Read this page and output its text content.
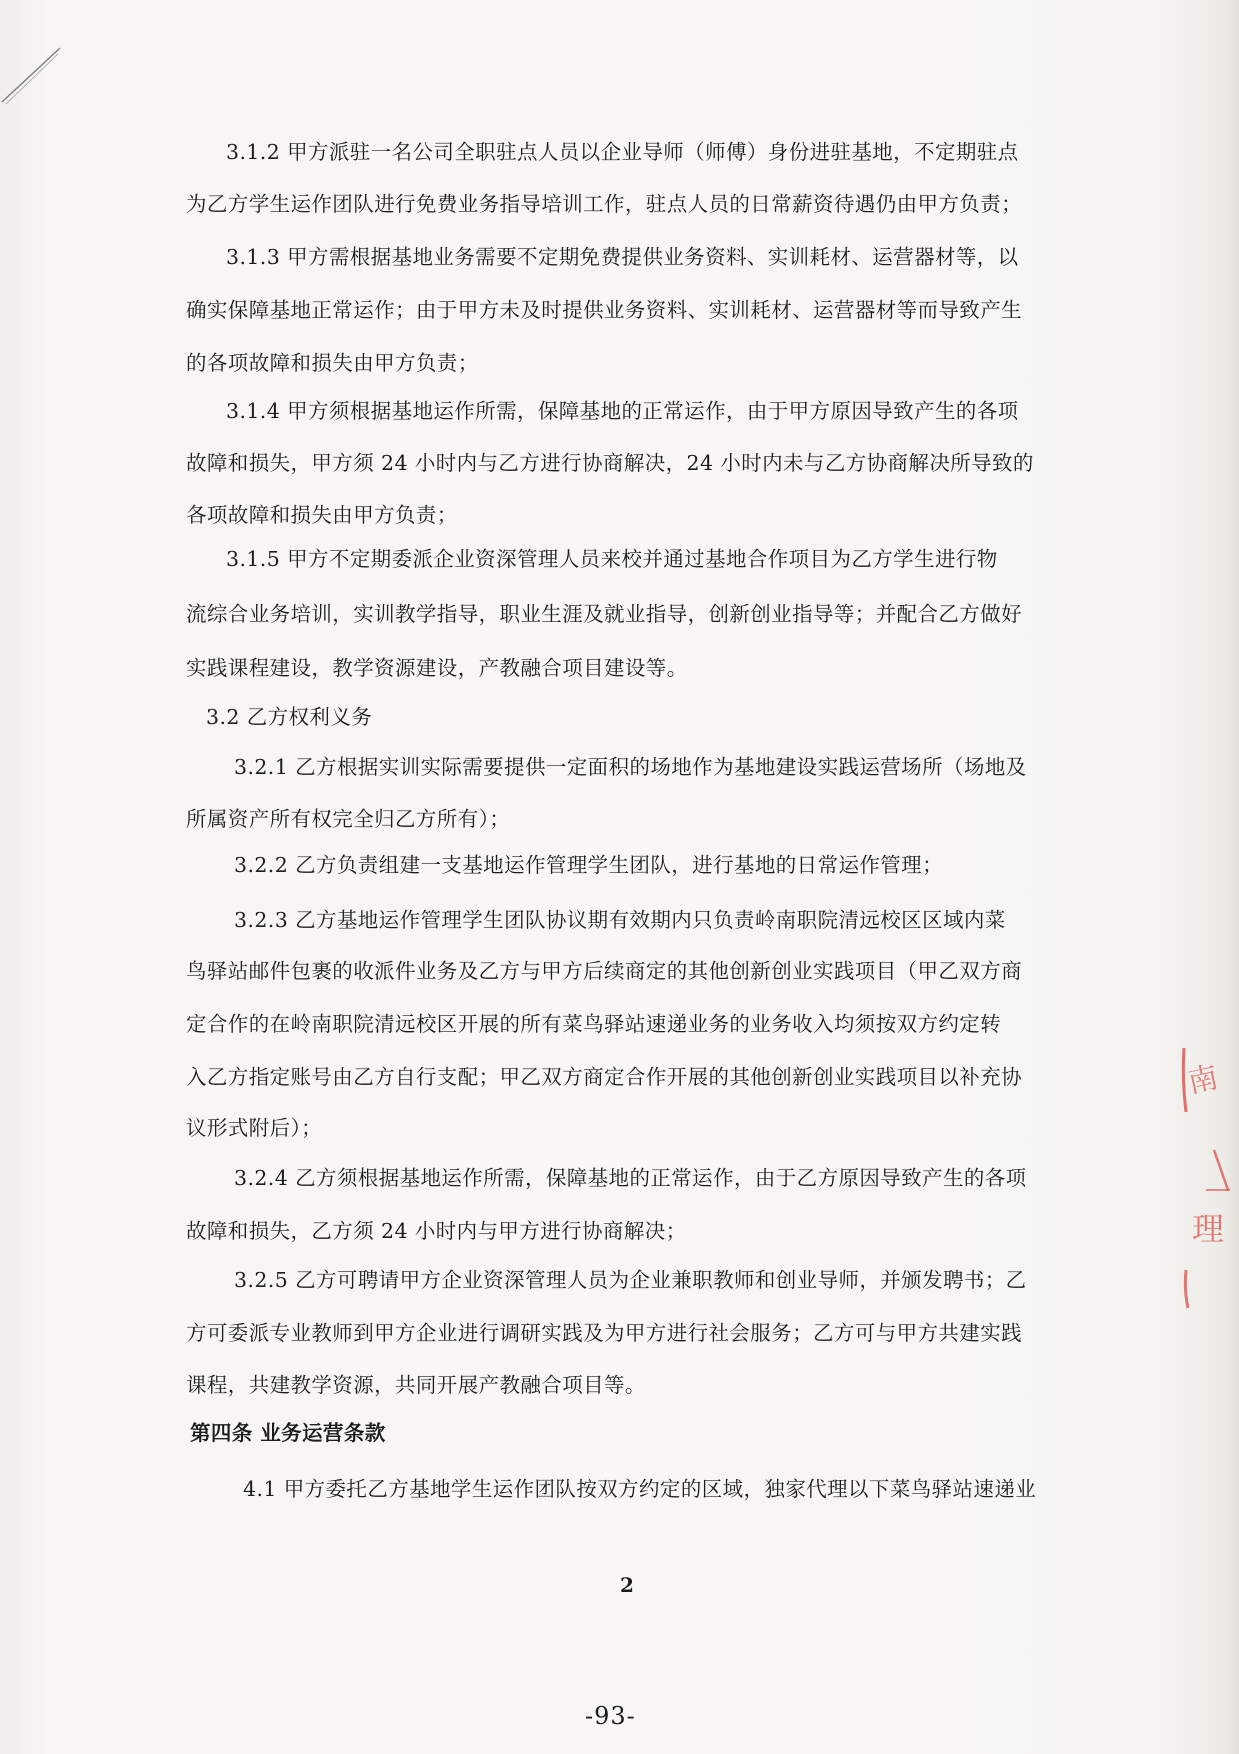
3.1.2 甲方派驻一名公司全职驻点人员以企业导师（师傅）身份进驻基地，不定期驻点
为乙方学生运作团队进行免费业务指导培训工作，驻点人员的日常薪资待遇仍由甲方负责；
3.1.3 甲方需根据基地业务需要不定期免费提供业务资料、实训耗材、运营器材等，以
确实保障基地正常运作；由于甲方未及时提供业务资料、实训耗材、运营器材等而导致产生
的各项故障和损失由甲方负责；
3.1.4 甲方须根据基地运作所需，保障基地的正常运作，由于甲方原因导致产生的各项
故障和损失，甲方须 24 小时内与乙方进行协商解决，24 小时内未与乙方协商解决所导致的
各项故障和损失由甲方负责；
3.1.5 甲方不定期委派企业资深管理人员来校并通过基地合作项目为乙方学生进行物
流综合业务培训，实训教学指导，职业生涯及就业指导，创新创业指导等；并配合乙方做好
实践课程建设，教学资源建设，产教融合项目建设等。
3.2 乙方权利义务
3.2.1 乙方根据实训实际需要提供一定面积的场地作为基地建设实践运营场所（场地及
所属资产所有权完全归乙方所有）；
3.2.2 乙方负责组建一支基地运作管理学生团队，进行基地的日常运作管理；
3.2.3 乙方基地运作管理学生团队协议期有效期内只负责岭南职院清远校区区域内菜
鸟驿站邮件包裹的收派件业务及乙方与甲方后续商定的其他创新创业实践项目（甲乙双方商
定合作的在岭南职院清远校区开展的所有菜鸟驿站速递业务的业务收入均须按双方约定转
入乙方指定账号由乙方自行支配；甲乙双方商定合作开展的其他创新创业实践项目以补充协
议形式附后）；
3.2.4 乙方须根据基地运作所需，保障基地的正常运作，由于乙方原因导致产生的各项
故障和损失，乙方须 24 小时内与甲方进行协商解决；
3.2.5 乙方可聘请甲方企业资深管理人员为企业兼职教师和创业导师，并颁发聘书；乙
方可委派专业教师到甲方企业进行调研实践及为甲方进行社会服务；乙方可与甲方共建实践
课程，共建教学资源，共同开展产教融合项目等。
第四条 业务运营条款
4.1 甲方委托乙方基地学生运作团队按双方约定的区域，独家代理以下菜鸟驿站速递业
2
-93-
南
理
